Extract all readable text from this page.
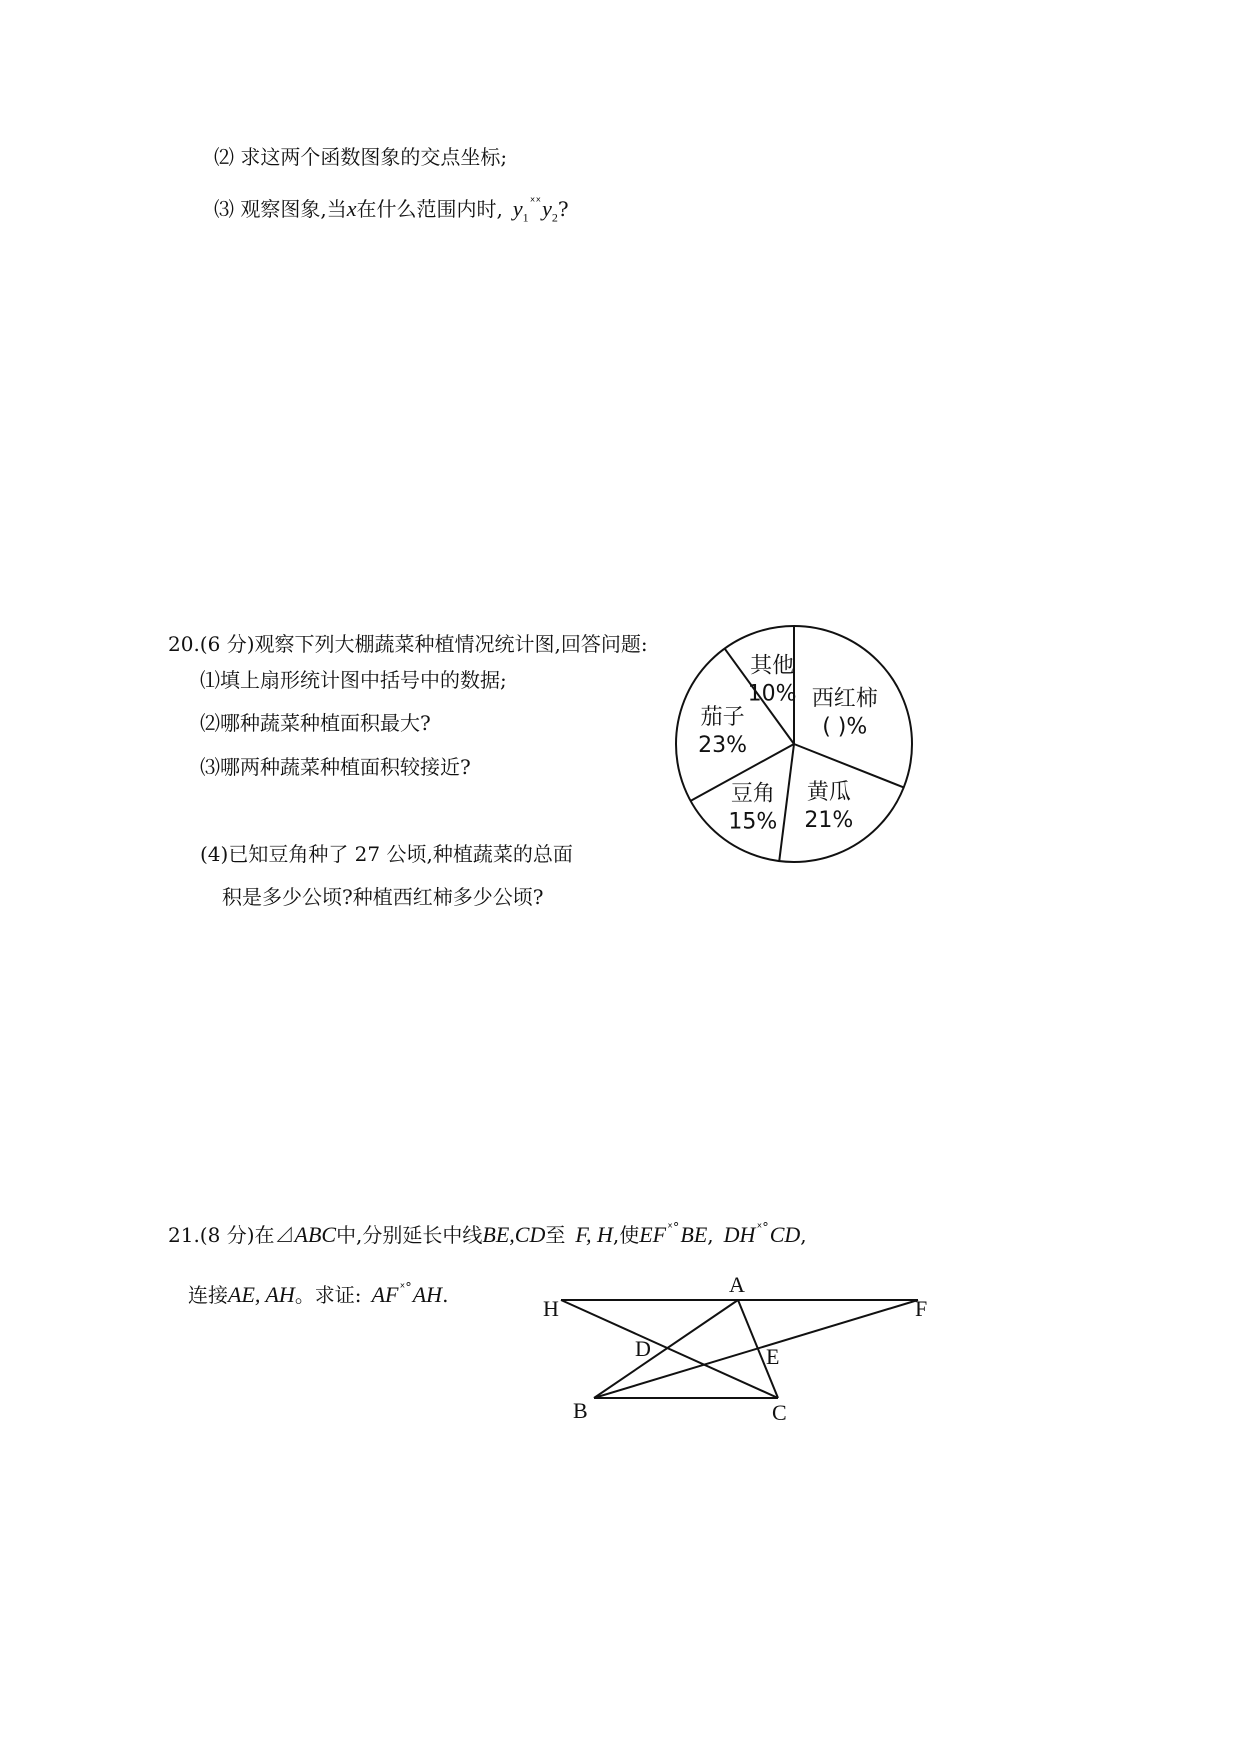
⑵ 求这两个函数图象的交点坐标;
⑶ 观察图象,当x在什么范围内时, $y_1^{ˣˣ}y_2$?
20.(6 分)观察下列大棚蔬菜种植情况统计图,回答问题:
⑴填上扇形统计图中括号中的数据;
⑵哪种蔬菜种植面积最大?
⑶哪两种蔬菜种植面积较接近?
(4)已知豆角种了 27 公顷,种植蔬菜的总面
积是多少公顷?种植西红柿多少公顷?
西红柿
( )%
黄瓜
21%
豆角
15%
茄子
23%
其他
10%
21.(8 分)在⊿ABC中,分别延长中线BE,CD至 F, H,使$EF^{ˣ^\circ}BE$, $DH^{ˣ^\circ}CD$,
连接AE, AH。求证: $AF^{ˣ^\circ}AH$.	A
H	F
D	E
B	C
